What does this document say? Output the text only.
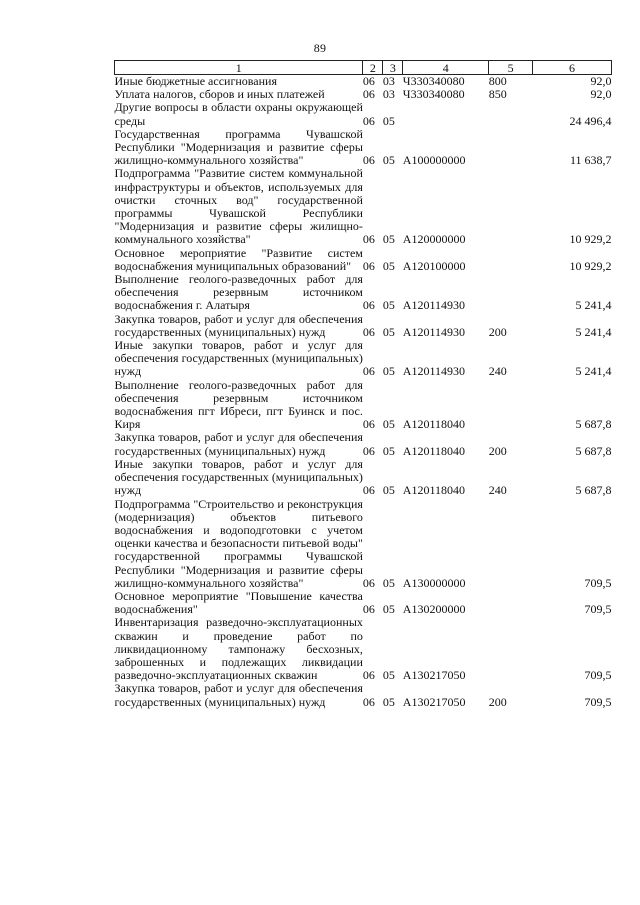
89
1	2	3	4	5	6
Иные бюджетные ассигнования	06	03	Ч330340080	800	92,0
Уплата налогов, сборов и иных платежей	06	03	Ч330340080	850	92,0
Другие вопросы в области охраны окружающей среды	06	05			24 496,4
Государственная программа Чувашской Республики "Модернизация и развитие сферы жилищно-коммунального хозяйства"	06	05	А100000000		11 638,7
Подпрограмма "Развитие систем коммунальной инфраструктуры и объектов, используемых для очистки сточных вод" государственной программы Чувашской Республики "Модернизация и развитие сферы жилищно-коммунального хозяйства"	06	05	А120000000		10 929,2
Основное мероприятие "Развитие систем водоснабжения муниципальных образований"	06	05	А120100000		10 929,2
Выполнение геолого-разведочных работ для обеспечения резервным источником водоснабжения г. Алатыря	06	05	А120114930		5 241,4
Закупка товаров, работ и услуг для обеспечения государственных (муниципальных) нужд	06	05	А120114930	200	5 241,4
Иные закупки товаров, работ и услуг для обеспечения государственных (муниципальных) нужд	06	05	А120114930	240	5 241,4
Выполнение геолого-разведочных работ для обеспечения резервным источником водоснабжения пгт Ибреси, пгт Буинск и пос. Киря	06	05	А120118040		5 687,8
Закупка товаров, работ и услуг для обеспечения государственных (муниципальных) нужд	06	05	А120118040	200	5 687,8
Иные закупки товаров, работ и услуг для обеспечения государственных (муниципальных) нужд	06	05	А120118040	240	5 687,8
Подпрограмма "Строительство и реконструкция (модернизация) объектов питьевого водоснабжения и водоподготовки с учетом оценки качества и безопасности питьевой воды" государственной программы Чувашской Республики "Модернизация и развитие сферы жилищно-коммунального хозяйства"	06	05	А130000000		709,5
Основное мероприятие "Повышение качества водоснабжения"	06	05	А130200000		709,5
Инвентаризация разведочно-эксплуатационных скважин и проведение работ по ликвидационному тампонажу бесхозных, заброшенных и подлежащих ликвидации разведочно-эксплуатационных скважин	06	05	А130217050		709,5
Закупка товаров, работ и услуг для обеспечения государственных (муниципальных) нужд	06	05	А130217050	200	709,5
